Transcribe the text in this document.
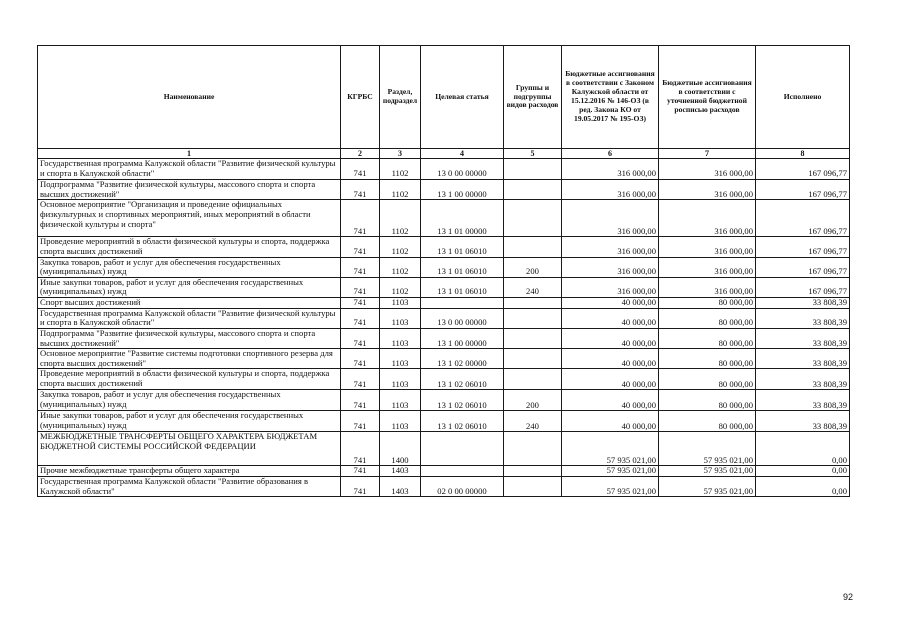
Наименование	КГРБС	Раздел, подраздел	Целевая статья	Группы и подгруппы видов расходов	Бюджетные ассигнования в соответствии с Законом Калужской области от 15.12.2016 № 146-ОЗ (в ред. Закона КО от 19.05.2017 № 195-ОЗ)	Бюджетные ассигнования в соответствии с уточненной бюджетной росписью расходов	Исполнено
1	2	3	4	5	6	7	8
Государственная программа Калужской области "Развитие физической культуры и спорта в Калужской области"	741	1102	13 0 00 00000		316 000,00	316 000,00	167 096,77
Подпрограмма "Развитие физической культуры, массового спорта и спорта высших достижений"	741	1102	13 1 00 00000		316 000,00	316 000,00	167 096,77
Основное мероприятие "Организация и проведение официальных физкультурных и спортивных мероприятий, иных мероприятий в области физической культуры и спорта"	741	1102	13 1 01 00000		316 000,00	316 000,00	167 096,77
Проведение мероприятий в области физической культуры и спорта, поддержка спорта высших достижений	741	1102	13 1 01 06010		316 000,00	316 000,00	167 096,77
Закупка товаров, работ и услуг для обеспечения государственных (муниципальных) нужд	741	1102	13 1 01 06010	200	316 000,00	316 000,00	167 096,77
Иные закупки товаров, работ и услуг для обеспечения государственных (муниципальных) нужд	741	1102	13 1 01 06010	240	316 000,00	316 000,00	167 096,77
Спорт высших достижений	741	1103			40 000,00	80 000,00	33 808,39
Государственная программа Калужской области "Развитие физической культуры и спорта в Калужской области"	741	1103	13 0 00 00000		40 000,00	80 000,00	33 808,39
Подпрограмма "Развитие физической культуры, массового спорта и спорта высших достижений"	741	1103	13 1 00 00000		40 000,00	80 000,00	33 808,39
Основное мероприятие "Развитие системы подготовки спортивного резерва для спорта высших достижений"	741	1103	13 1 02 00000		40 000,00	80 000,00	33 808,39
Проведение мероприятий в области физической культуры и спорта, поддержка спорта высших достижений	741	1103	13 1 02 06010		40 000,00	80 000,00	33 808,39
Закупка товаров, работ и услуг для обеспечения государственных (муниципальных) нужд	741	1103	13 1 02 06010	200	40 000,00	80 000,00	33 808,39
Иные закупки товаров, работ и услуг для обеспечения государственных (муниципальных) нужд	741	1103	13 1 02 06010	240	40 000,00	80 000,00	33 808,39
МЕЖБЮДЖЕТНЫЕ ТРАНСФЕРТЫ ОБЩЕГО ХАРАКТЕРА БЮДЖЕТАМ БЮДЖЕТНОЙ СИСТЕМЫ РОССИЙСКОЙ ФЕДЕРАЦИИ	741	1400			57 935 021,00	57 935 021,00	0,00
Прочие межбюджетные трансферты общего характера	741	1403			57 935 021,00	57 935 021,00	0,00
Государственная программа Калужской области "Развитие образования в Калужской области"	741	1403	02 0 00 00000		57 935 021,00	57 935 021,00	0,00
92
